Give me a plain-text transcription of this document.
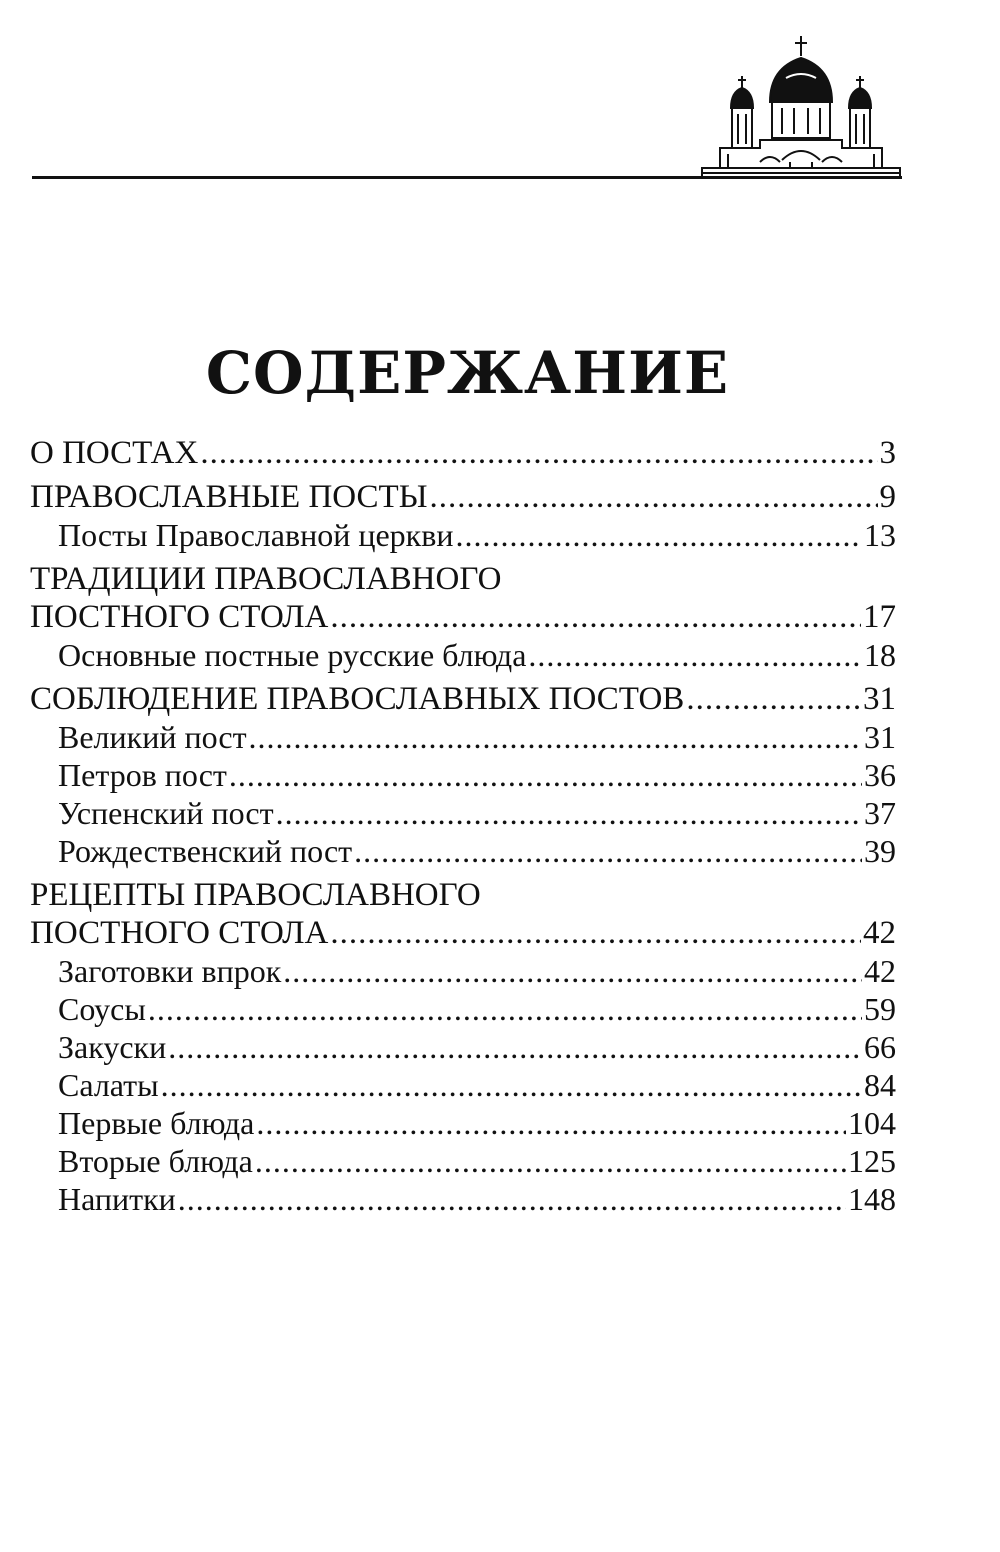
СОДЕРЖАНИЕ
О ПОСТАХ .....	3
ПРАВОСЛАВНЫЕ ПОСТЫ .....	9
Посты Православной церкви .....	13
ТРАДИЦИИ ПРАВОСЛАВНОГО
ПОСТНОГО СТОЛА .....	17
Основные постные русские блюда .....	18
СОБЛЮДЕНИЕ ПРАВОСЛАВНЫХ ПОСТОВ .....	31
Великий пост .....	31
Петров пост .....	36
Успенский пост .....	37
Рождественский пост .....	39
РЕЦЕПТЫ ПРАВОСЛАВНОГО
ПОСТНОГО СТОЛА .....	42
Заготовки впрок .....	42
Соусы .....	59
Закуски .....	66
Салаты .....	84
Первые блюда .....	104
Вторые блюда .....	125
Напитки .....	148
